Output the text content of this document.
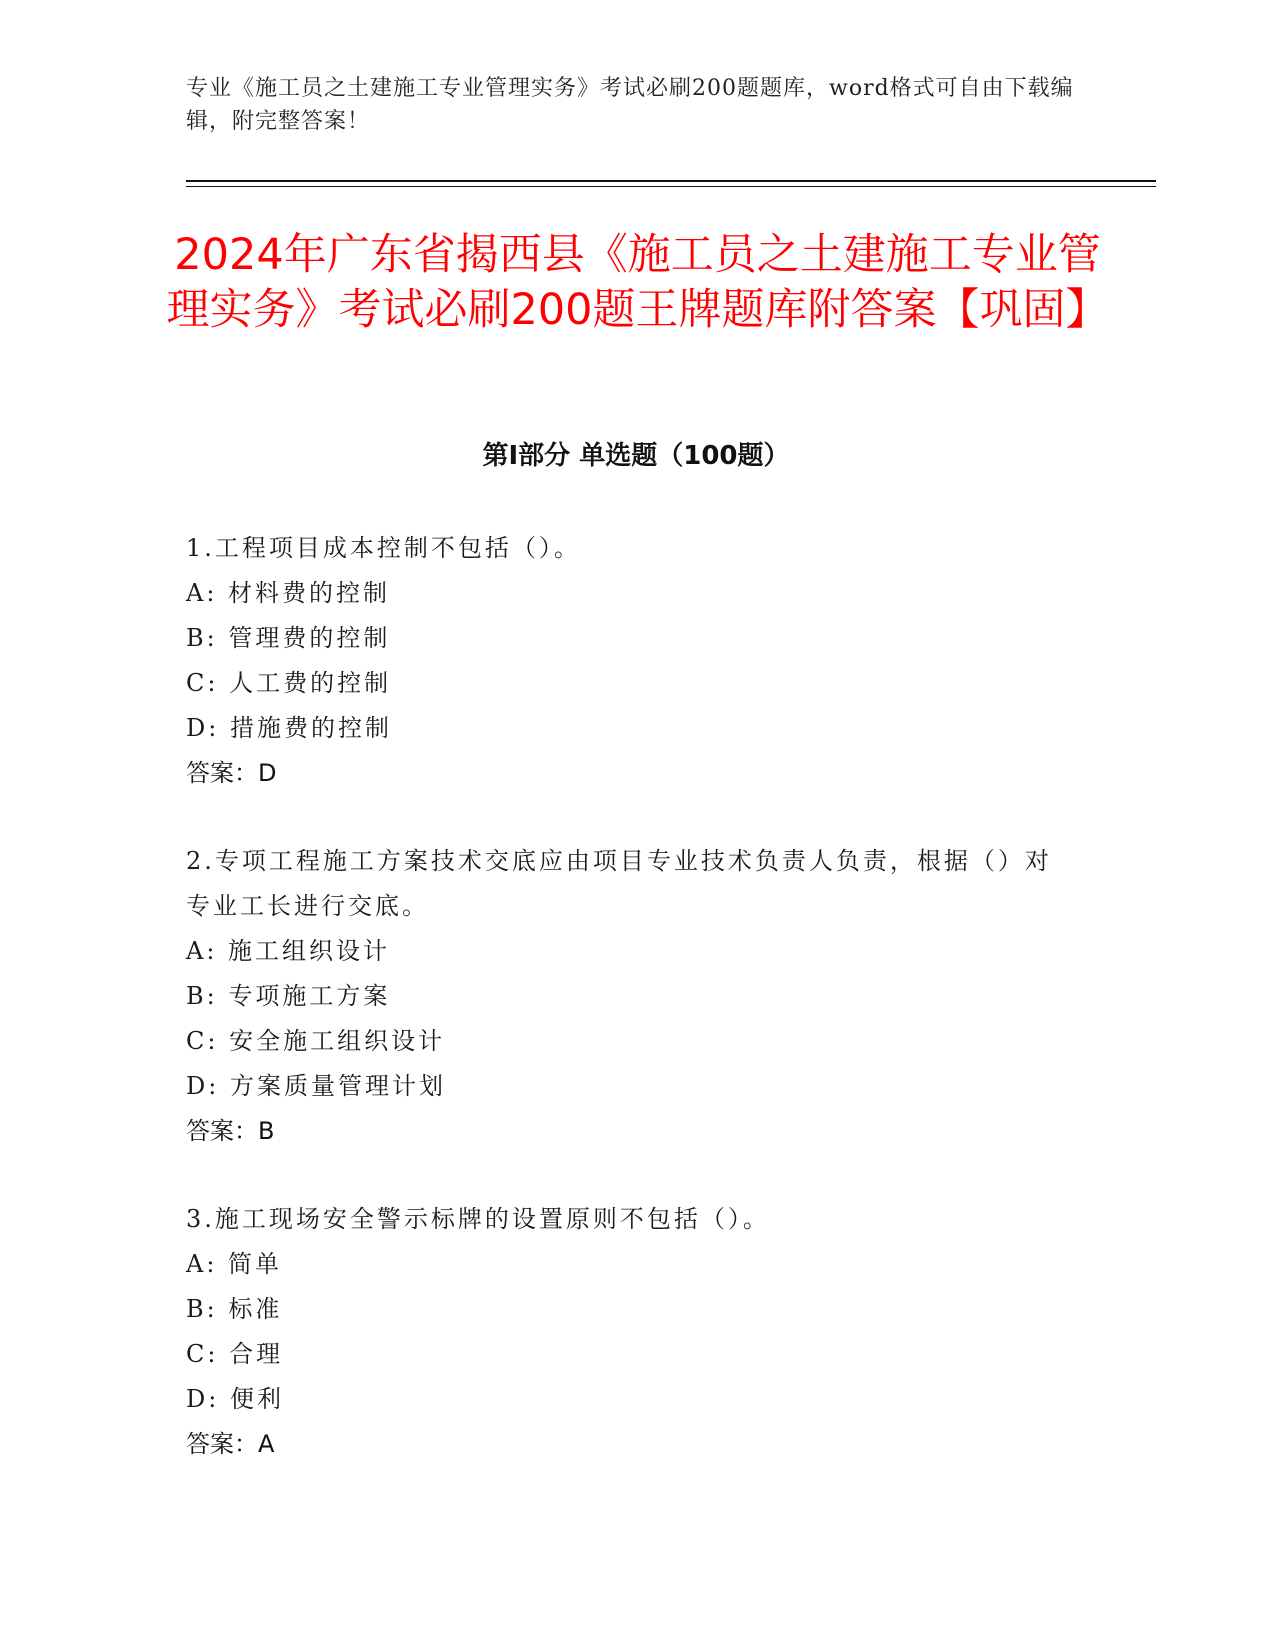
专业《施工员之土建施工专业管理实务》考试必刷200题题库，word格式可自由下载编辑，附完整答案！
2024年广东省揭西县《施工员之土建施工专业管理实务》考试必刷200题王牌题库附答案【巩固】
第I部分 单选题（100题）
1.工程项目成本控制不包括（）。
A: 材料费的控制
B: 管理费的控制
C: 人工费的控制
D: 措施费的控制
答案：D
2.专项工程施工方案技术交底应由项目专业技术负责人负责，根据（）对专业工长进行交底。
A: 施工组织设计
B: 专项施工方案
C: 安全施工组织设计
D: 方案质量管理计划
答案：B
3.施工现场安全警示标牌的设置原则不包括（）。
A: 简单
B: 标准
C: 合理
D: 便利
答案：A
